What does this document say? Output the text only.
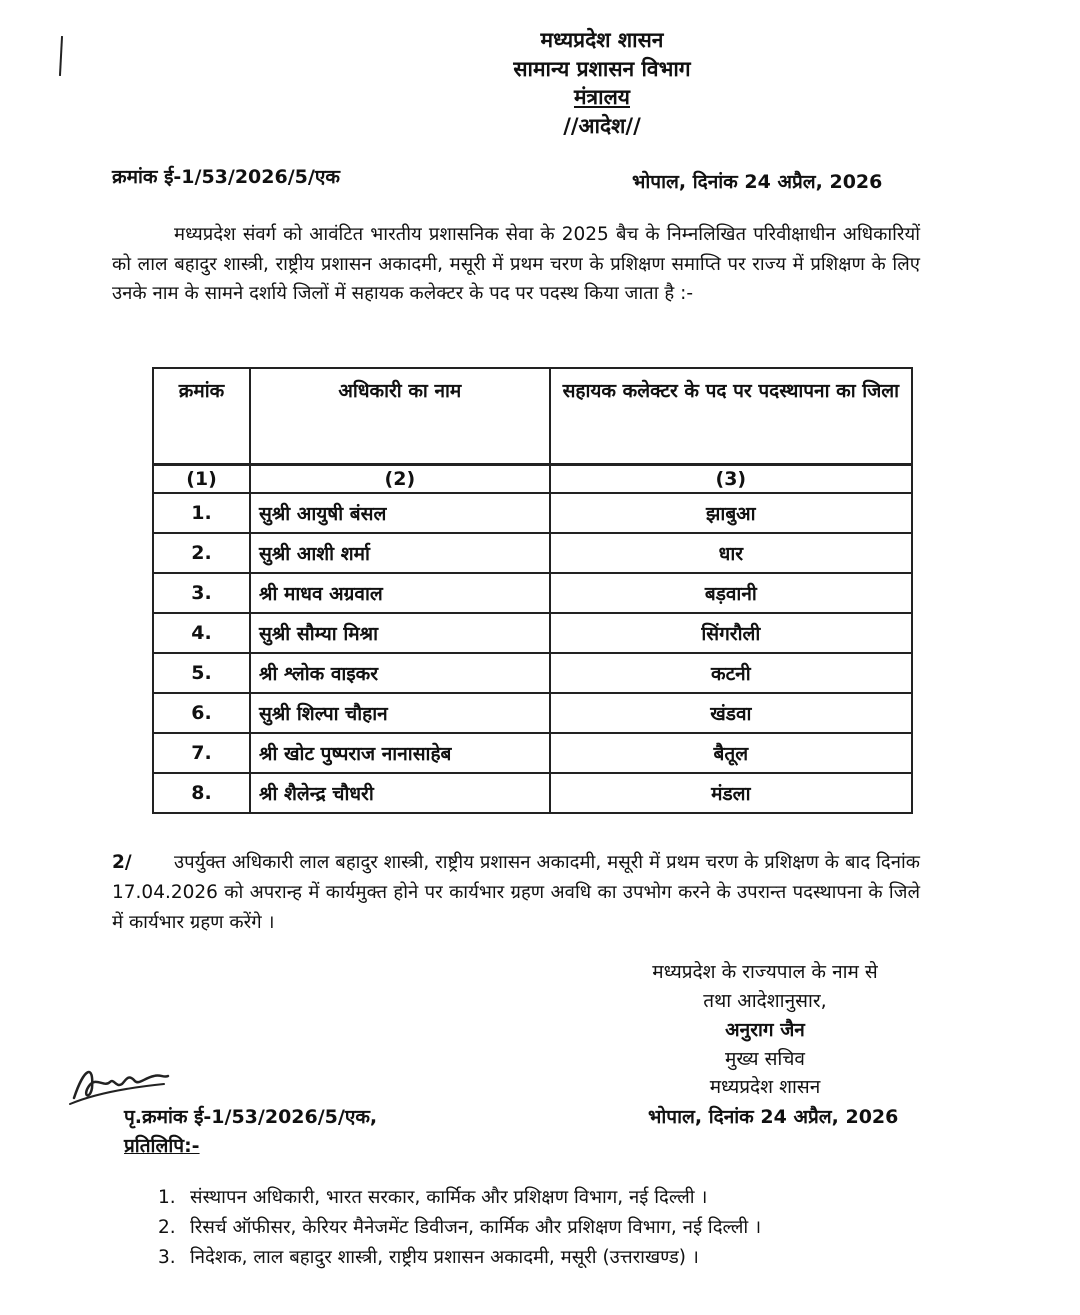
मध्यप्रदेश शासन
सामान्य प्रशासन विभाग
मंत्रालय
//आदेश//
क्रमांक ई-1/53/2026/5/एक	भोपाल, दिनांक 24 अप्रैल, 2026
मध्यप्रदेश संवर्ग को आवंटित भारतीय प्रशासनिक सेवा के 2025 बैच के निम्नलिखित परिवीक्षाधीन अधिकारियों को लाल बहादुर शास्त्री, राष्ट्रीय प्रशासन अकादमी, मसूरी में प्रथम चरण के प्रशिक्षण समाप्ति पर राज्य में प्रशिक्षण के लिए उनके नाम के सामने दर्शाये जिलों में सहायक कलेक्टर के पद पर पदस्थ किया जाता है :-
क्रमांक	अधिकारी का नाम	सहायक कलेक्टर के पद पर पदस्थापना का जिला
(1)	(2)	(3)
1.	सुश्री आयुषी बंसल	झाबुआ
2.	सुश्री आशी शर्मा	धार
3.	श्री माधव अग्रवाल	बड़वानी
4.	सुश्री सौम्या मिश्रा	सिंगरौली
5.	श्री श्लोक वाइकर	कटनी
6.	सुश्री शिल्पा चौहान	खंडवा
7.	श्री खोट पुष्पराज नानासाहेब	बैतूल
8.	श्री शैलेन्द्र चौधरी	मंडला
2/ उपर्युक्त अधिकारी लाल बहादुर शास्त्री, राष्ट्रीय प्रशासन अकादमी, मसूरी में प्रथम चरण के प्रशिक्षण के बाद दिनांक 17.04.2026 को अपरान्ह में कार्यमुक्त होने पर कार्यभार ग्रहण अवधि का उपभोग करने के उपरान्त पदस्थापना के जिले में कार्यभार ग्रहण करेंगे ।
मध्यप्रदेश के राज्यपाल के नाम से
तथा आदेशानुसार,
अनुराग जैन
मुख्य सचिव
मध्यप्रदेश शासन
पृ.क्रमांक ई-1/53/2026/5/एक,	भोपाल, दिनांक 24 अप्रैल, 2026
प्रतिलिपि:-
1. संस्थापन अधिकारी, भारत सरकार, कार्मिक और प्रशिक्षण विभाग, नई दिल्ली ।
2. रिसर्च ऑफीसर, केरियर मैनेजमेंट डिवीजन, कार्मिक और प्रशिक्षण विभाग, नई दिल्ली ।
3. निदेशक, लाल बहादुर शास्त्री, राष्ट्रीय प्रशासन अकादमी, मसूरी (उत्तराखण्ड) ।
